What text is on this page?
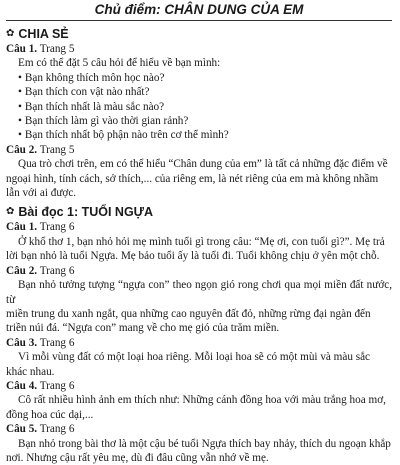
Chủ điểm: CHÂN DUNG CỦA EM
✿ CHIA SẺ

Câu 1. Trang 5

Em có thể đặt 5 câu hỏi để hiểu về bạn mình:

• Bạn không thích môn học nào?
• Bạn thích con vật nào nhất?
• Bạn thích nhất là màu sắc nào?
• Bạn thích làm gì vào thời gian rảnh?
• Bạn thích nhất bộ phận nào trên cơ thể mình?

Câu 2. Trang 5

Qua trò chơi trên, em có thể hiểu “Chân dung của em” là tất cả những đặc điểm về

ngoại hình, tính cách, sở thích,... của riêng em, là nét riêng của em mà không nhầm

lẫn với ai được.

✿ Bài đọc 1: TUỔI NGỰA

Câu 1. Trang 6

Ở khổ thơ 1, bạn nhỏ hỏi mẹ mình tuổi gì trong câu: “Mẹ ơi, con tuổi gì?”. Mẹ trả

lời bạn nhỏ là tuổi Ngựa. Mẹ bảo tuổi ấy là tuổi đi. Tuổi không chịu ở yên một chỗ.

Câu 2. Trang 6

Bạn nhỏ tưởng tượng “ngựa con” theo ngọn gió rong chơi qua mọi miền đất nước, từ

miền trung du xanh ngắt, qua những cao nguyên đất đỏ, những rừng đại ngàn đến

triền núi đá. “Ngựa con” mang về cho mẹ gió của trăm miền.

Câu 3. Trang 6

Vì mỗi vùng đất có một loại hoa riêng. Mỗi loại hoa sẽ có một mùi và màu sắc

khác nhau.

Câu 4. Trang 6

Cô rất nhiều hình ảnh em thích như: Những cánh đồng hoa với màu trắng hoa mơ,

đồng hoa cúc dại,...

Câu 5. Trang 6

Bạn nhỏ trong bài thơ là một cậu bé tuổi Ngựa thích bay nhảy, thích du ngoạn khắp

nơi. Nhưng cậu rất yêu mẹ, dù đi đâu cũng vẫn nhớ về mẹ.
